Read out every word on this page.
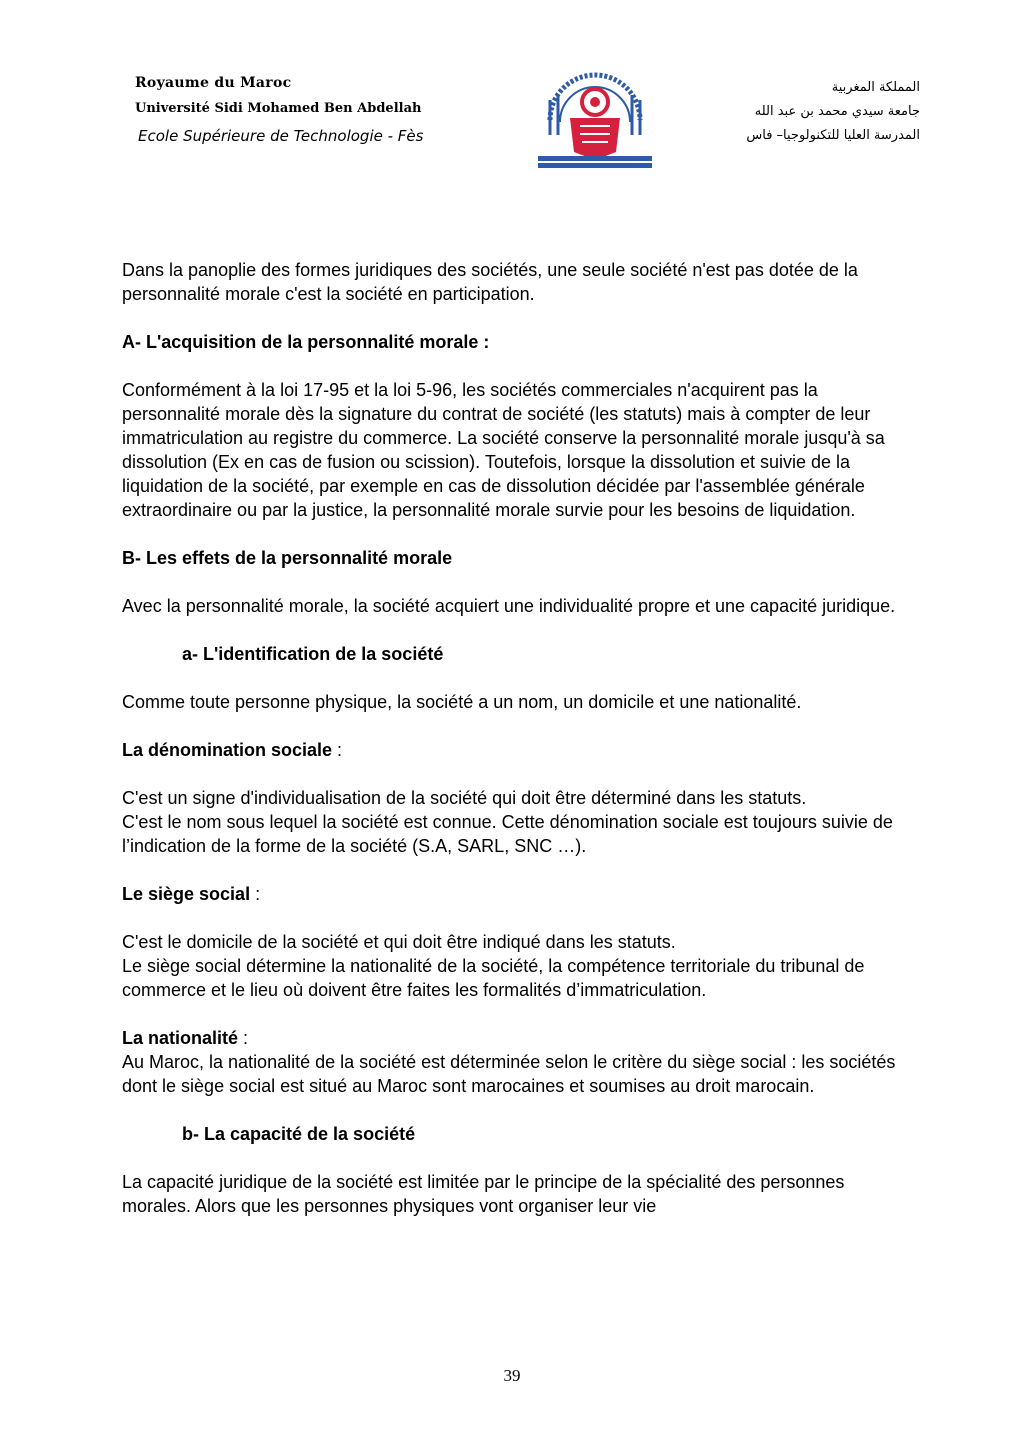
Royaume du Maroc
Université Sidi Mohamed Ben Abdellah
Ecole Supérieure de Technologie - Fès
المملكة المغربية
جامعة سيدي محمد بن عبد الله
المدرسة العليا للتكنولوجيا– فاس

Dans la panoplie des formes juridiques des sociétés, une seule société n'est pas dotée de la personnalité morale c'est la société en participation.

A- L'acquisition de la personnalité morale :

Conformément à la loi 17-95 et la loi 5-96, les sociétés commerciales n'acquirent pas la personnalité morale dès la signature du contrat de société (les statuts) mais à compter de leur immatriculation au registre du commerce. La société conserve la personnalité morale jusqu'à sa dissolution (Ex en cas de fusion ou scission). Toutefois, lorsque la dissolution et suivie de la liquidation de la société, par exemple en cas de dissolution décidée par l'assemblée générale extraordinaire ou par la justice, la personnalité morale survie pour les besoins de liquidation.

B- Les effets de la personnalité morale

Avec la personnalité morale, la société acquiert une individualité propre et une capacité juridique.

a- L'identification de la société

Comme toute personne physique, la société a un nom, un domicile et une nationalité.

La dénomination sociale :

C'est un signe d'individualisation de la société qui doit être déterminé dans les statuts.

C'est le nom sous lequel la société est connue. Cette dénomination sociale est toujours suivie de l’indication de la forme de la société (S.A, SARL, SNC …).

Le siège social :

C'est le domicile de la société et qui doit être indiqué dans les statuts.

Le siège social détermine la nationalité de la société, la compétence territoriale du tribunal de commerce et le lieu où doivent être faites les formalités d’immatriculation.

La nationalité :

Au Maroc, la nationalité de la société est déterminée selon le critère du siège social : les sociétés dont le siège social est situé au Maroc sont marocaines et soumises au droit marocain.

b- La capacité de la société

La capacité juridique de la société est limitée par le principe de la spécialité des personnes morales. Alors que les personnes physiques vont organiser leur vie

39
